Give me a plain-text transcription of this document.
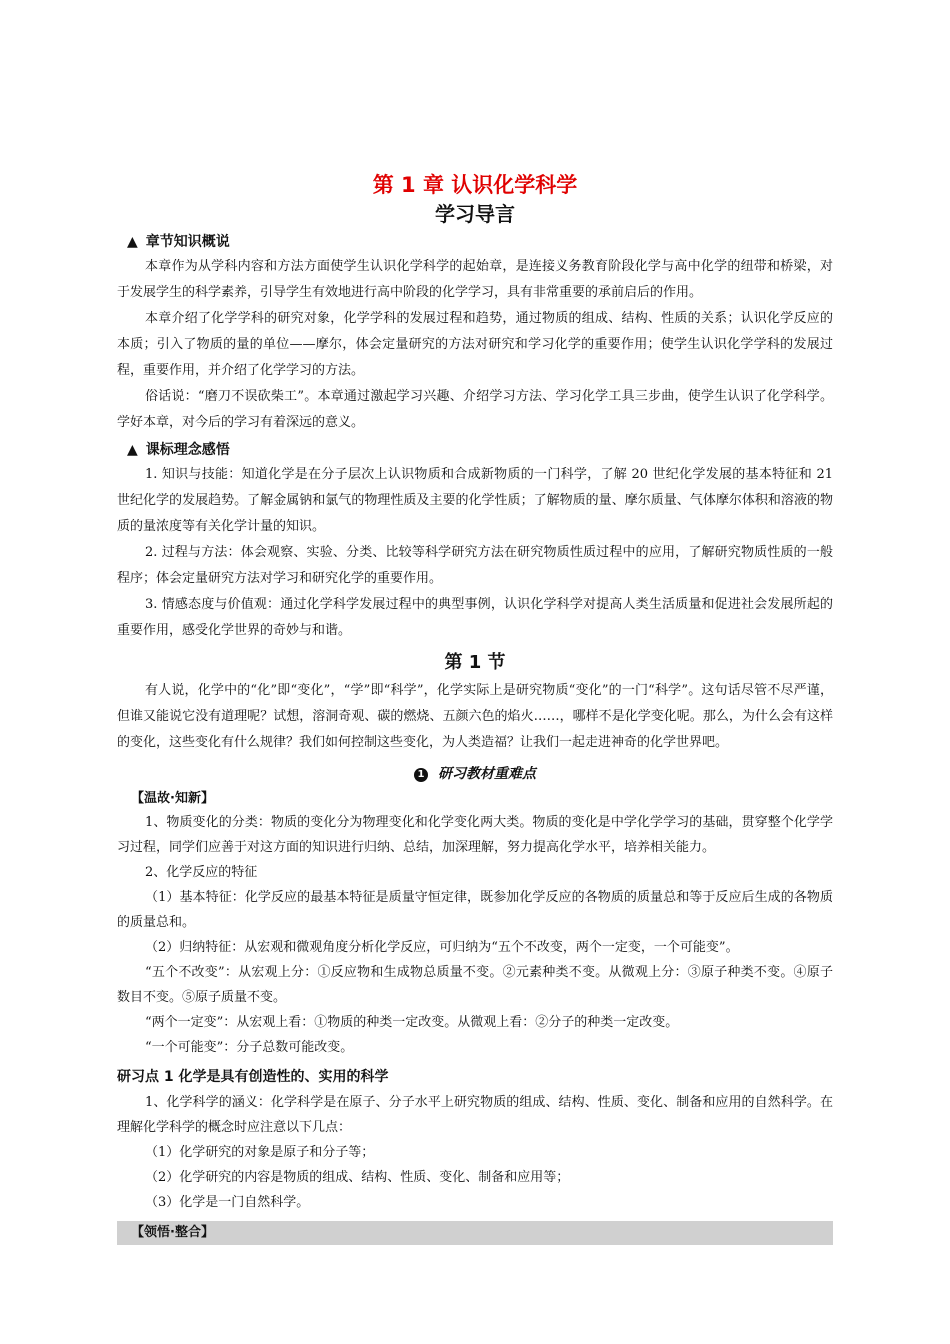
第 1 章 认识化学科学
学习导言
▲ 章节知识概说

本章作为从学科内容和方法方面使学生认识化学科学的起始章，是连接义务教育阶段化学与高中化学的纽带和桥梁，对于发展学生的科学素养，引导学生有效地进行高中阶段的化学学习，具有非常重要的承前启后的作用。

本章介绍了化学学科的研究对象，化学学科的发展过程和趋势，通过物质的组成、结构、性质的关系；认识化学反应的本质；引入了物质的量的单位——摩尔，体会定量研究的方法对研究和学习化学的重要作用；使学生认识化学学科的发展过程，重要作用，并介绍了化学学习的方法。

俗话说：“磨刀不误砍柴工”。本章通过激起学习兴趣、介绍学习方法、学习化学工具三步曲，使学生认识了化学科学。学好本章，对今后的学习有着深远的意义。

▲ 课标理念感悟

1. 知识与技能：知道化学是在分子层次上认识物质和合成新物质的一门科学，了解 20 世纪化学发展的基本特征和 21 世纪化学的发展趋势。了解金属钠和氯气的物理性质及主要的化学性质；了解物质的量、摩尔质量、气体摩尔体积和溶液的物质的量浓度等有关化学计量的知识。

2. 过程与方法：体会观察、实验、分类、比较等科学研究方法在研究物质性质过程中的应用，了解研究物质性质的一般程序；体会定量研究方法对学习和研究化学的重要作用。

3. 情感态度与价值观：通过化学科学发展过程中的典型事例，认识化学科学对提高人类生活质量和促进社会发展所起的重要作用，感受化学世界的奇妙与和谐。

第 1 节

有人说，化学中的“化”即“变化”，“学”即“科学”，化学实际上是研究物质“变化”的一门“科学”。这句话尽管不尽严谨，但谁又能说它没有道理呢？试想，溶洞奇观、碳的燃烧、五颜六色的焰火……，哪样不是化学变化呢。那么，为什么会有这样的变化，这些变化有什么规律？我们如何控制这些变化，为人类造福？让我们一起走进神奇的化学世界吧。

1 研习教材重难点
【温故·知新】

1、物质变化的分类：物质的变化分为物理变化和化学变化两大类。物质的变化是中学化学学习的基础，贯穿整个化学学习过程，同学们应善于对这方面的知识进行归纳、总结，加深理解，努力提高化学水平，培养相关能力。

2、化学反应的特征

（1）基本特征：化学反应的最基本特征是质量守恒定律，既参加化学反应的各物质的质量总和等于反应后生成的各物质的质量总和。

（2）归纳特征：从宏观和微观角度分析化学反应，可归纳为“五个不改变，两个一定变，一个可能变”。

“五个不改变”：从宏观上分：①反应物和生成物总质量不变。②元素种类不变。从微观上分：③原子种类不变。④原子数目不变。⑤原子质量不变。

“两个一定变”：从宏观上看：①物质的种类一定改变。从微观上看：②分子的种类一定改变。

“一个可能变”：分子总数可能改变。

研习点 1 化学是具有创造性的、实用的科学

1、化学科学的涵义：化学科学是在原子、分子水平上研究物质的组成、结构、性质、变化、制备和应用的自然科学。在理解化学科学的概念时应注意以下几点：

（1）化学研究的对象是原子和分子等；

（2）化学研究的内容是物质的组成、结构、性质、变化、制备和应用等；

（3）化学是一门自然科学。

【领悟·整合】
